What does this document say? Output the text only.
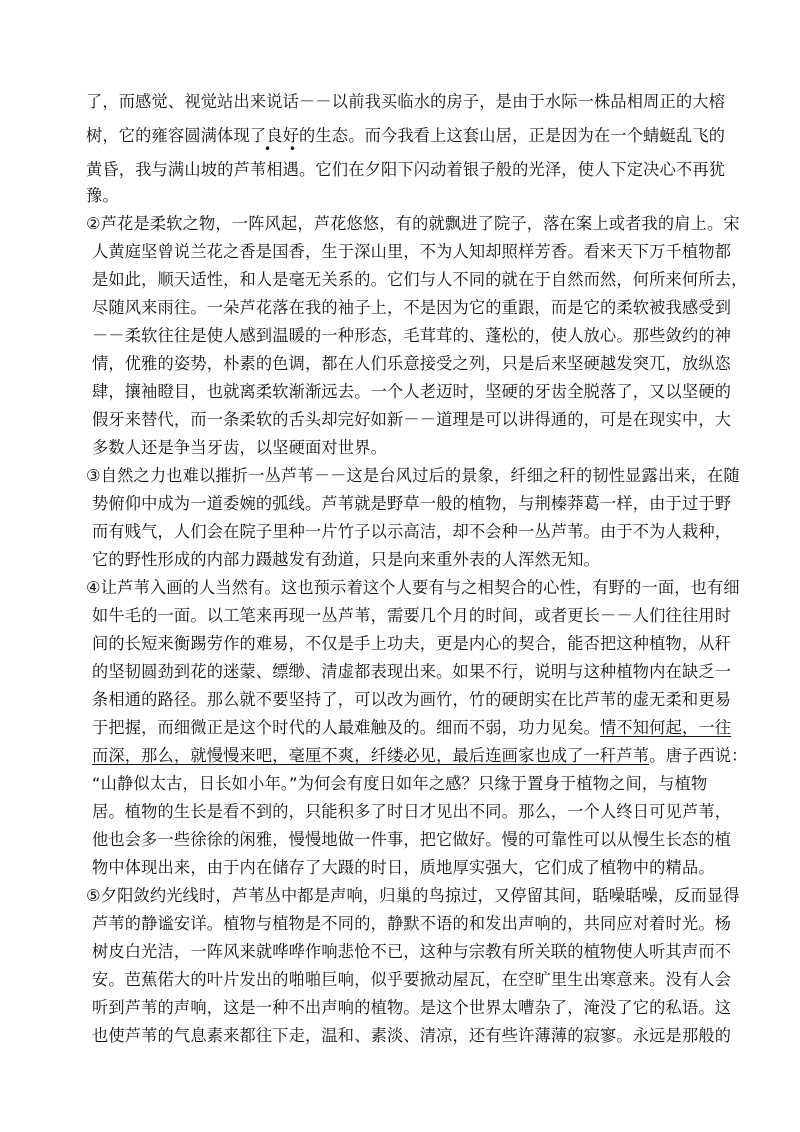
了，而感觉、视觉站出来说话－－以前我买临水的房子，是由于水际一株品相周正的大榕
树，它的雍容圆满体现了良好的生态。而今我看上这套山居，正是因为在一个蜻蜓乱飞的
• •
黄昏，我与满山坡的芦苇相遇。它们在夕阳下闪动着银子般的光泽，使人下定决心不再犹
豫。
②芦花是柔软之物，一阵风起，芦花悠悠，有的就飘进了院子，落在案上或者我的肩上。宋
人黄庭坚曾说兰花之香是国香，生于深山里，不为人知却照样芳香。看来天下万千植物都
是如此，顺天适性，和人是毫无关系的。它们与人不同的就在于自然而然，何所来何所去，
尽随风来雨往。一朵芦花落在我的袖子上，不是因为它的重跟，而是它的柔软被我感受到
－－柔软往往是使人感到温暖的一种形态，毛茸茸的、蓬松的，使人放心。那些敛约的神
情，优雅的姿势，朴素的色调，都在人们乐意接受之列，只是后来坚硬越发突兀，放纵恣
肆，攘袖瞪目，也就离柔软渐渐远去。一个人老迈时，坚硬的牙齿全脱落了，又以坚硬的
假牙来替代，而一条柔软的舌头却完好如新－－道理是可以讲得通的，可是在现实中，大
多数人还是争当牙齿，以坚硬面对世界。
③自然之力也难以摧折一丛芦苇－－这是台风过后的景象，纤细之秆的韧性显露出来，在随
势俯仰中成为一道委婉的弧线。芦苇就是野草一般的植物，与荆榛莽葛一样，由于过于野
而有贱气，人们会在院子里种一片竹子以示高洁，却不会种一丛芦苇。由于不为人栽种，
它的野性形成的内部力蹑越发有劲道，只是向来重外表的人浑然无知。
④让芦苇入画的人当然有。这也预示着这个人要有与之相契合的心性，有野的一面，也有细
如牛毛的一面。以工笔来再现一丛芦苇，需要几个月的时间，或者更长－－人们往往用时
间的长短来衡踢劳作的难易，不仅是手上功夫，更是内心的契合，能否把这种植物，从秆
的坚韧圆劲到花的迷蒙、缥缈、清虚都表现出来。如果不行，说明与这种植物内在缺乏一
条相通的路径。那么就不要坚持了，可以改为画竹，竹的硬朗实在比芦苇的虚无柔和更易
于把握，而细微正是这个时代的人最难触及的。细而不弱，功力见矣。情不知何起，一往
而深，那么，就慢慢来吧，毫厘不爽，纤缕必见，最后连画家也成了一秆芦苇。唐子西说：
“山静似太古，日长如小年。”为何会有度日如年之感？只缘于置身于植物之间，与植物
居。植物的生长是看不到的，只能积多了时日才见出不同。那么，一个人终日可见芦苇，
他也会多一些徐徐的闲雅，慢慢地做一件事，把它做好。慢的可靠性可以从慢生长态的植
物中体现出来，由于内在储存了大蹑的时日，质地厚实强大，它们成了植物中的精品。
⑤夕阳敛约光线时，芦苇丛中都是声响，归巢的鸟掠过，又停留其间，聒噪聒噪，反而显得
芦苇的静谧安详。植物与植物是不同的，静默不语的和发出声响的，共同应对着时光。杨
树皮白光洁，一阵风来就哗哗作响悲怆不已，这种与宗教有所关联的植物使人听其声而不
安。芭蕉偌大的叶片发出的啪啪巨响，似乎要掀动屋瓦，在空旷里生出寒意来。没有人会
听到芦苇的声响，这是一种不出声响的植物。是这个世界太嘈杂了，淹没了它的私语。这
也使芦苇的气息素来都往下走，温和、素淡、清凉，还有些许薄薄的寂寥。永远是那般的
